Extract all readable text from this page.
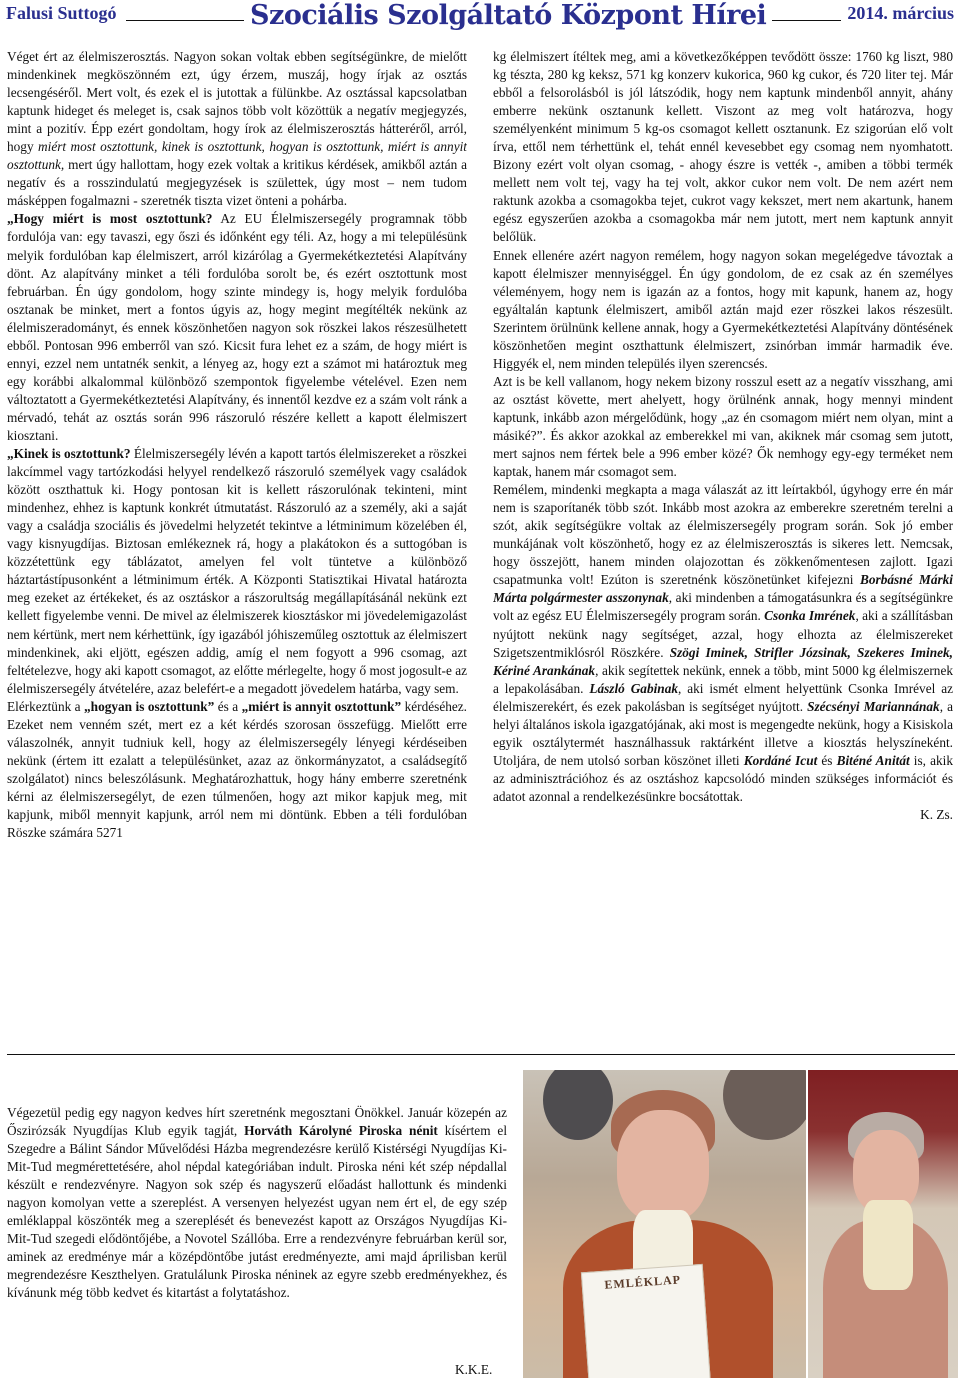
Falusi Suttogó	Szociális Szolgáltató Központ Hírei	2014. március

Véget ért az élelmiszerosztás. Nagyon sokan voltak ebben segítségünkre, de mielőtt mindenkinek megköszönném ezt, úgy érzem, muszáj, hogy írjak az osztás lecsengéséről. Mert volt, és ezek el is jutottak a fülünkbe. Az osztással kapcsolatban kaptunk hideget és meleget is, csak sajnos több volt közöttük a negatív megjegyzés, mint a pozitív. Épp ezért gondoltam, hogy írok az élelmiszerosztás hátteréről, arról, hogy miért most osztottunk, kinek is osztottunk, hogyan is osztottunk, miért is annyit osztottunk, mert úgy hallottam, hogy ezek voltak a kritikus kérdések, amikből aztán a negatív és a rosszindulatú megjegyzések is születtek, úgy most – nem tudom másképpen fogalmazni - szeretnék tiszta vizet önteni a pohárba.

„Hogy miért is most osztottunk? Az EU Élelmiszersegély programnak több fordulója van: egy tavaszi, egy őszi és időnként egy téli. Az, hogy a mi településünk melyik fordulóban kap élelmiszert, arról kizárólag a Gyermekétkeztetési Alapítvány dönt. Az alapítvány minket a téli fordulóba sorolt be, és ezért osztottunk most februárban. Én úgy gondolom, hogy szinte mindegy is, hogy melyik fordulóba osztanak be minket, mert a fontos úgyis az, hogy megint megítélték nekünk az élelmiszeradományt, és ennek köszönhetően nagyon sok röszkei lakos részesülhetett ebből. Pontosan 996 emberről van szó. Kicsit fura lehet ez a szám, de hogy miért is ennyi, ezzel nem untatnék senkit, a lényeg az, hogy ezt a számot mi határoztuk meg egy korábbi alkalommal különböző szempontok figyelembe vételével. Ezen nem változtatott a Gyermekétkeztetési Alapítvány, és innentől kezdve ez a szám volt ránk a mérvadó, tehát az osztás során 996 rászoruló részére kellett a kapott élelmiszert kiosztani.

„Kinek is osztottunk? Élelmiszersegély lévén a kapott tartós élelmiszereket a röszkei lakcímmel vagy tartózkodási helyyel rendelkező rászoruló személyek vagy családok között oszthattuk ki. Hogy pontosan kit is kellett rászorulónak tekinteni, mint mindenhez, ehhez is kaptunk konkrét útmutatást. Rászoruló az a személy, aki a saját vagy a családja szociális és jövedelmi helyzetét tekintve a létminimum közelében él, vagy kisnyugdíjas. Biztosan emlékeznek rá, hogy a plakátokon és a suttogóban is közzétettünk egy táblázatot, amelyen fel volt tüntetve a különböző háztartástípusonként a létminimum érték. A Központi Statisztikai Hivatal határozta meg ezeket az értékeket, és az osztáskor a rászorultság megállapításánál nekünk ezt kellett figyelembe venni. De mivel az élelmiszerek kiosztáskor mi jövedelemigazolást nem kértünk, mert nem kérhettünk, így igazából jóhiszeműleg osztottuk az élelmiszert mindenkinek, aki eljött, egészen addig, amíg el nem fogyott a 996 csomag, azt feltételezve, hogy aki kapott csomagot, az előtte mérlegelte, hogy ő most jogosult-e az élelmiszersegély átvételére, azaz belefért-e a megadott jövedelem határba, vagy sem.

Elérkeztünk a „hogyan is osztottunk” és a „miért is annyit osztottunk” kérdéséhez. Ezeket nem venném szét, mert ez a két kérdés szorosan összefügg. Mielőtt erre válaszolnék, annyit tudniuk kell, hogy az élelmiszersegély lényegi kérdéseiben nekünk (értem itt ezalatt a településünket, azaz az önkormányzatot, a családsegítő szolgálatot) nincs beleszólásunk. Meghatározhattuk, hogy hány emberre szeretnénk kérni az élelmiszersegélyt, de ezen túlmenően, hogy azt mikor kapjuk meg, mit kapjunk, miből mennyit kapjunk, arról nem mi döntünk. Ebben a téli fordulóban Röszke számára 5271

kg élelmiszert ítéltek meg, ami a következőképpen tevődött össze: 1760 kg liszt, 980 kg tészta, 280 kg keksz, 571 kg konzerv kukorica, 960 kg cukor, és 720 liter tej. Már ebből a felsorolásból is jól látszódik, hogy nem kaptunk mindenből annyit, ahány emberre nekünk osztanunk kellett. Viszont az meg volt határozva, hogy személyenként minimum 5 kg-os csomagot kellett osztanunk. Ez szigorúan elő volt írva, ettől nem térhettünk el, tehát ennél kevesebbet egy csomag nem nyomhatott. Bizony ezért volt olyan csomag, - ahogy észre is vették -, amiben a többi termék mellett nem volt tej, vagy ha tej volt, akkor cukor nem volt. De nem azért nem raktunk azokba a csomagokba tejet, cukrot vagy kekszet, mert nem akartunk, hanem egész egyszerűen azokba a csomagokba már nem jutott, mert nem kaptunk annyit belőlük.

Ennek ellenére azért nagyon remélem, hogy nagyon sokan megelégedve távoztak a kapott élelmiszer mennyiséggel. Én úgy gondolom, de ez csak az én személyes véleményem, hogy nem is igazán az a fontos, hogy mit kapunk, hanem az, hogy egyáltalán kaptunk élelmiszert, amiből aztán majd ezer röszkei lakos részesült. Szerintem örülnünk kellene annak, hogy a Gyermekétkeztetési Alapítvány döntésének köszönhetően megint oszthattunk élelmiszert, zsinórban immár harmadik éve. Higgyék el, nem minden település ilyen szerencsés.

Azt is be kell vallanom, hogy nekem bizony rosszul esett az a negatív visszhang, ami az osztást követte, mert ahelyett, hogy örülnénk annak, hogy mennyi mindent kaptunk, inkább azon mérgelődünk, hogy „az én csomagom miért nem olyan, mint a másiké?”. És akkor azokkal az emberekkel mi van, akiknek már csomag sem jutott, mert sajnos nem fértek bele a 996 ember közé? Ők nemhogy egy-egy terméket nem kaptak, hanem már csomagot sem.

Remélem, mindenki megkapta a maga válaszát az itt leírtakból, úgyhogy erre én már nem is szaporítanék több szót. Inkább most azokra az emberekre szeretném terelni a szót, akik segítségükre voltak az élelmiszersegély program során. Sok jó ember munkájának volt köszönhető, hogy ez az élelmiszerosztás is sikeres lett. Nemcsak, hogy összejött, hanem minden olajozottan és zökkenőmentesen zajlott. Igazi csapatmunka volt! Ezúton is szeretnénk köszönetünket kifejezni Borbásné Márki Márta polgármester asszonynak, aki mindenben a támogatásunkra és a segítségünkre volt az egész EU Élelmiszersegély program során. Csonka Imrének, aki a szállításban nyújtott nekünk nagy segítséget, azzal, hogy elhozta az élelmiszereket Szigetszentmiklósról Röszkére. Szögi Iminek, Strifler Józsinak, Szekeres Iminek, Kériné Arankának, akik segítettek nekünk, ennek a több, mint 5000 kg élelmiszernek a lepakolásában. László Gabinak, aki ismét elment helyettünk Csonka Imrével az élelmiszerekért, és ezek pakolásban is segítséget nyújtott. Szécsényi Mariannának, a helyi általános iskola igazgatójának, aki most is megengedte nekünk, hogy a Kisiskola egyik osztálytermét használhassuk raktárként illetve a kiosztás helyszíneként. Utoljára, de nem utolsó sorban köszönet illeti Kordáné Icut és Biténé Anitát is, akik az adminisztrációhoz és az osztáshoz kapcsolódó minden szükséges információt és adatot azonnal a rendelkezésünkre bocsátottak.

K. Zs.

Végezetül pedig egy nagyon kedves hírt szeretnénk megosztani Önökkel. Január közepén az Őszirózsák Nyugdíjas Klub egyik tagját, Horváth Károlyné Piroska nénit kísértem el Szegedre a Bálint Sándor Művelődési Házba megrendezésre kerülő Kistérségi Nyugdíjas Ki-Mit-Tud megmérettetésére, ahol népdal kategóriában indult. Piroska néni két szép népdallal készült e rendezvényre. Nagyon sok szép és nagyszerű előadást hallottunk és mindenki nagyon komolyan vette a szereplést. A versenyen helyezést ugyan nem ért el, de egy szép emléklappal köszönték meg a szereplését és benevezést kapott az Országos Nyugdíjas Ki-Mit-Tud szegedi elődöntőjébe, a Novotel Szállóba. Erre a rendezvényre februárban kerül sor, aminek az eredménye már a középdöntőbe jutást eredményezte, ami majd áprilisban kerül megrendezésre Keszthelyen. Gratulálunk Piroska néninek az egyre szebb eredményekhez, és kívánunk még több kedvet és kitartást a folytatáshoz.

K.K.E.
EMLÉKLAP
